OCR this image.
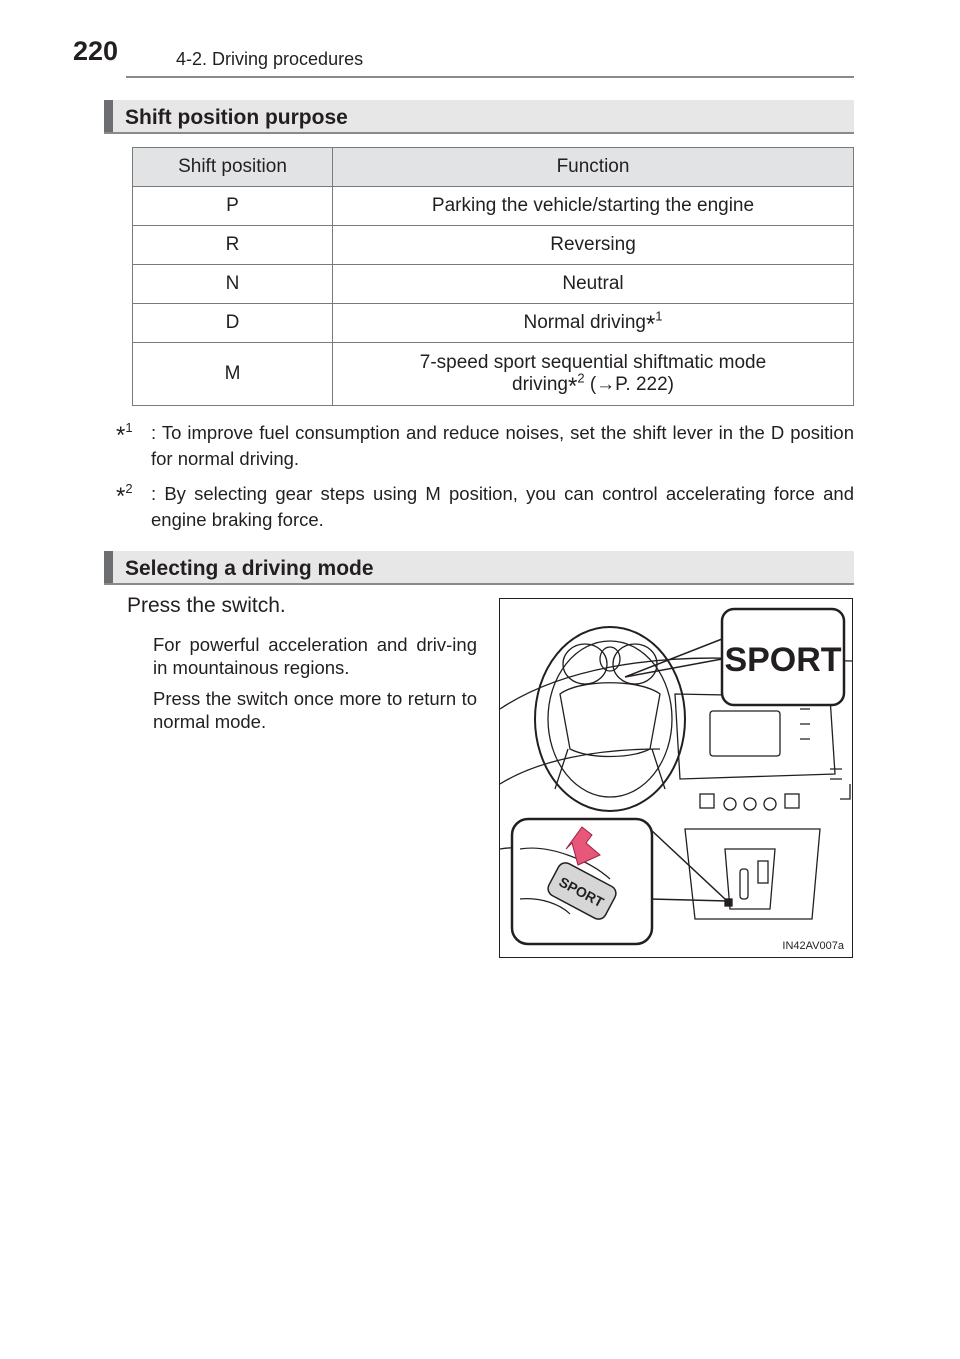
220	4-2. Driving procedures
Shift position purpose
Shift position	Function
P	Parking the vehicle/starting the engine
R	Reversing
N	Neutral
D	Normal driving*$^1$
M	7-speed sport sequential shiftmatic mode
driving*$^2$ (→P. 222)
*$^1$ : To improve fuel consumption and reduce noises, set the shift lever in the D position for normal driving.
*$^2$ : By selecting gear steps using M position, you can control accelerating force and engine braking force.
Selecting a driving mode
Press the switch.
For powerful acceleration and driv-ing in mountainous regions.
Press the switch once more to return to normal mode.
SPORT
SPORT
IN42AV007a
